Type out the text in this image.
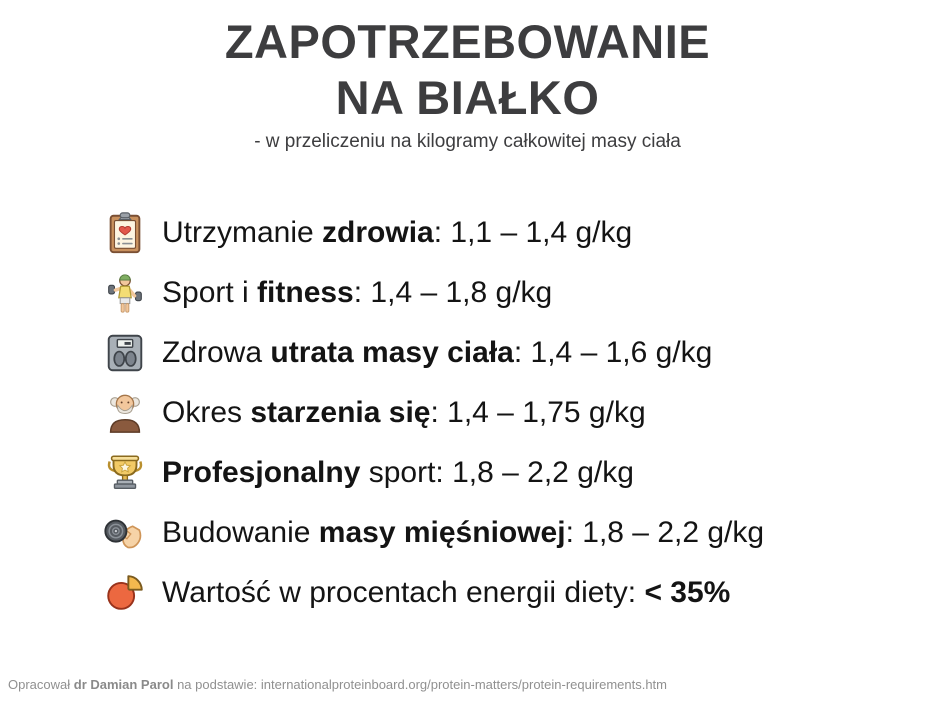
ZAPOTRZEBOWANIE
NA BIAŁKO
- w przeliczeniu na kilogramy całkowitej masy ciała
Utrzymanie zdrowia: 1,1 – 1,4 g/kg
Sport i fitness: 1,4 – 1,8 g/kg
Zdrowa utrata masy ciała: 1,4 – 1,6 g/kg
Okres starzenia się: 1,4 – 1,75 g/kg
Profesjonalny sport: 1,8 – 2,2 g/kg
Budowanie masy mięśniowej: 1,8 – 2,2 g/kg
Wartość w procentach energii diety: < 35%
Opracował dr Damian Parol na podstawie: internationalproteinboard.org/protein-matters/protein-requirements.htm
